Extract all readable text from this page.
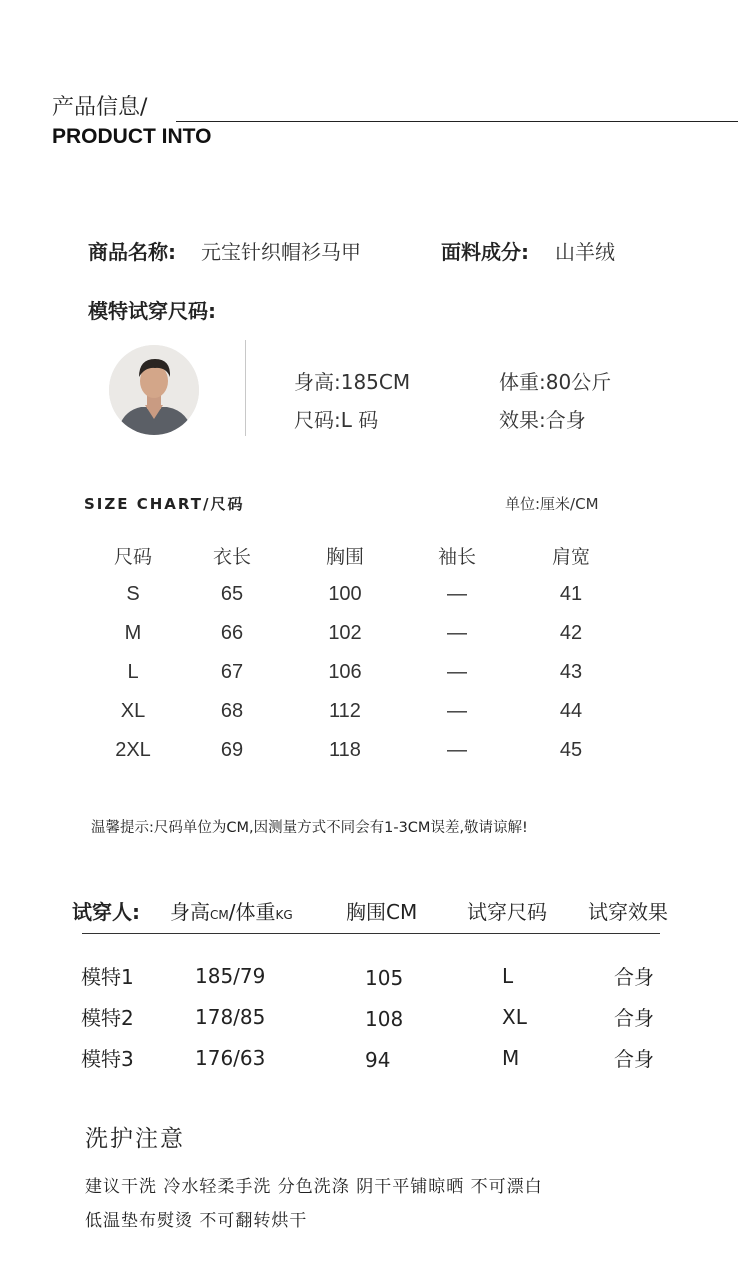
产品信息/
PRODUCT INTO
商品名称: 元宝针织帽衫马甲	面料成分: 山羊绒
模特试穿尺码:
身高:185CM	体重:80公斤
尺码:L 码	效果:合身
SIZE CHART/尺码	单位:厘米/CM
尺码	衣长	胸围	袖长	肩宽
S	65	100	—	41
M	66	102	—	42
L	67	106	—	43
XL	68	112	—	44
2XL	69	118	—	45
温馨提示:尺码单位为CM,因测量方式不同会有1-3CM误差,敬请谅解!
试穿人: 身高CM/体重KG	胸围CM 试穿尺码 试穿效果
模特1	185/79	105	L	合身
模特2	178/85	108	XL	合身
模特3	176/63	94	M	合身
洗护注意
建议干洗 冷水轻柔手洗 分色洗涤 阴干平铺晾晒 不可漂白
低温垫布熨烫 不可翻转烘干
